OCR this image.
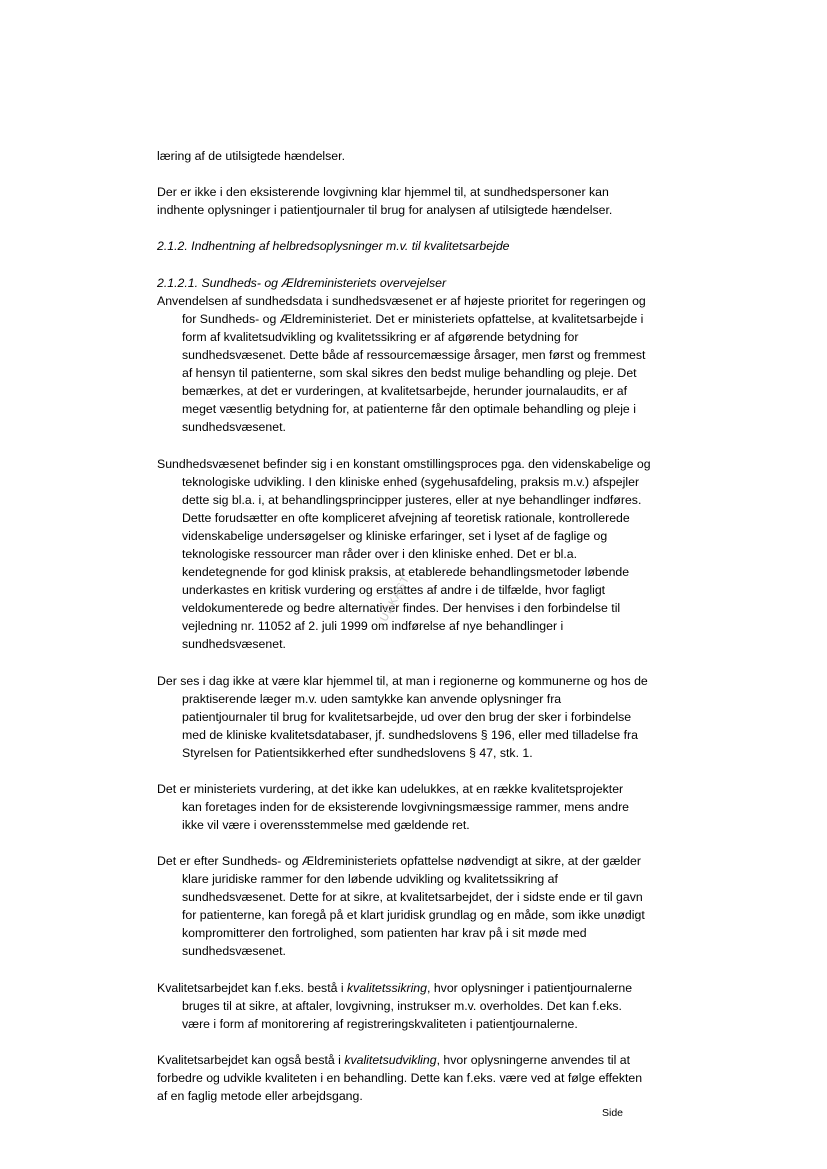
læring af de utilsigtede hændelser.
Der er ikke i den eksisterende lovgivning klar hjemmel til, at sundhedspersoner kan
indhente oplysninger i patientjournaler til brug for analysen af utilsigtede hændelser.
2.1.2. Indhentning af helbredsoplysninger m.v. til kvalitetsarbejde
2.1.2.1. Sundheds- og Ældreministeriets overvejelser
Anvendelsen af sundhedsdata i sundhedsvæsenet er af højeste prioritet for regeringen og
for Sundheds- og Ældreministeriet. Det er ministeriets opfattelse, at kvalitetsarbejde i
form af kvalitetsudvikling og kvalitetssikring er af afgørende betydning for
sundhedsvæsenet. Dette både af ressourcemæssige årsager, men først og fremmest
af hensyn til patienterne, som skal sikres den bedst mulige behandling og pleje. Det
bemærkes, at det er vurderingen, at kvalitetsarbejde, herunder journalaudits, er af
meget væsentlig betydning for, at patienterne får den optimale behandling og pleje i
sundhedsvæsenet.
Sundhedsvæsenet befinder sig i en konstant omstillingsproces pga. den videnskabelige og
teknologiske udvikling. I den kliniske enhed (sygehusafdeling, praksis m.v.) afspejler
dette sig bl.a. i, at behandlingsprincipper justeres, eller at nye behandlinger indføres.
Dette forudsætter en ofte kompliceret afvejning af teoretisk rationale, kontrollerede
videnskabelige undersøgelser og kliniske erfaringer, set i lyset af de faglige og
teknologiske ressourcer man råder over i den kliniske enhed. Det er bl.a.
kendetegnende for god klinisk praksis, at etablerede behandlingsmetoder løbende
underkastes en kritisk vurdering og erstattes af andre i de tilfælde, hvor fagligt
veldokumenterede og bedre alternativer findes. Der henvises i den forbindelse til
vejledning nr. 11052 af 2. juli 1999 om indførelse af nye behandlinger i
sundhedsvæsenet.
Der ses i dag ikke at være klar hjemmel til, at man i regionerne og kommunerne og hos de
praktiserende læger m.v. uden samtykke kan anvende oplysninger fra
patientjournaler til brug for kvalitetsarbejde, ud over den brug der sker i forbindelse
med de kliniske kvalitetsdatabaser, jf. sundhedslovens § 196, eller med tilladelse fra
Styrelsen for Patientsikkerhed efter sundhedslovens § 47, stk. 1.
Det er ministeriets vurdering, at det ikke kan udelukkes, at en række kvalitetsprojekter
kan foretages inden for de eksisterende lovgivningsmæssige rammer, mens andre
ikke vil være i overensstemmelse med gældende ret.
Det er efter Sundheds- og Ældreministeriets opfattelse nødvendigt at sikre, at der gælder
klare juridiske rammer for den løbende udvikling og kvalitetssikring af
sundhedsvæsenet. Dette for at sikre, at kvalitetsarbejdet, der i sidste ende er til gavn
for patienterne, kan foregå på et klart juridisk grundlag og en måde, som ikke unødigt
kompromitterer den fortrolighed, som patienten har krav på i sit møde med
sundhedsvæsenet.
Kvalitetsarbejdet kan f.eks. bestå i kvalitetssikring, hvor oplysninger i patientjournalerne
bruges til at sikre, at aftaler, lovgivning, instrukser m.v. overholdes. Det kan f.eks.
være i form af monitorering af registreringskvaliteten i patientjournalerne.
Kvalitetsarbejdet kan også bestå i kvalitetsudvikling, hvor oplysningerne anvendes til at
forbedre og udvikle kvaliteten i en behandling. Dette kan f.eks. være ved at følge effekten
af en faglig metode eller arbejdsgang.
UDKAST
Side
